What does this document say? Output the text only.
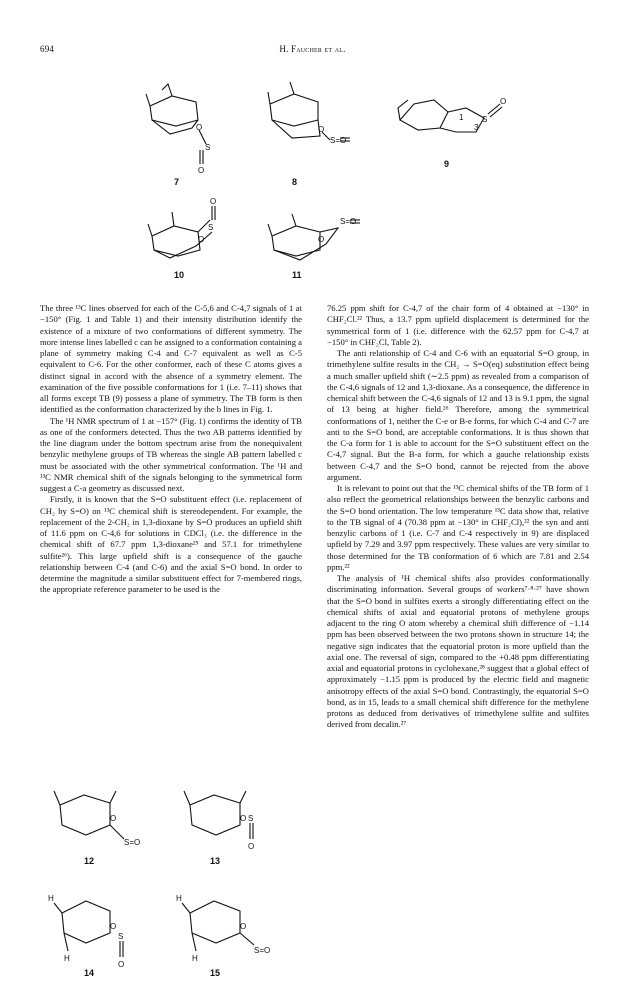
694	H. Faucher et al.
O
S
O
O
S=O
1 S
3
O
O
S
O
O
S=O
7	8
9
10	11

The three ¹³C lines observed for each of the C-5,6 and C-4,7 signals of 1 at −150° (Fig. 1 and Table 1) and their intensity distribution identify the existence of a mixture of two conformations of different symmetry. The more intense lines labelled c can be assigned to a conformation containing a plane of symmetry making C-4 and C-7 equivalent as well as C-5 equivalent to C-6. For the other conformer, each of these C atoms gives a distinct signal in accord with the absence of a symmetry element. The examination of the five possible conformations for 1 (i.e. 7–11) shows that all forms except TB (9) possess a plane of symmetry. The TB form is then identified as the conformation characterized by the b lines in Fig. 1.

The ¹H NMR spectrum of 1 at −157° (Fig. 1) confirms the identity of TB as one of the conformers detected. Thus the two AB patterns identified by the line diagram under the bottom spectrum arise from the nonequivalent benzylic methylene groups of TB whereas the single AB pattern labelled c must be associated with the other symmetrical conformation. The ¹H and ¹³C NMR chemical shift of the signals belonging to the symmetrical form suggest a C-a geometry as discussed next.

Firstly, it is known that the S=O substituent effect (i.e. replacement of CH₂ by S=O) on ¹³C chemical shift is stereodependent. For example, the replacement of the 2-CH₂ in 1,3-dioxane by S=O produces an upfield shift of 11.6 ppm on C-4,6 for solutions in CDCl₃ (i.e. the difference in the chemical shift of 67.7 ppm 1,3-dioxane²⁵ and 57.1 for trimethylene sulfite²⁶). This large upfield shift is a consequence of the gauche relationship between C-4 (and C-6) and the axial S=O bond. In order to determine the magnitude a similar substituent effect for 7-membered rings, the appropriate reference parameter to be used is the

76.25 ppm shift for C-4,7 of the chair form of 4 obtained at −130° in CHF₂Cl.²² Thus, a 13.7 ppm upfield displacement is determined for the symmetrical form of 1 (i.e. difference with the 62.57 ppm for C-4,7 at −150° in CHF₂Cl, Table 2).

The anti relationship of C-4 and C-6 with an equatorial S=O group, in trimethylene sulfite results in the CH₂ → S=O(eq) substitution effect being a much smaller upfield shift (∼2.5 ppm) as revealed from a comparison of the C-4,6 signals of 12 and 1,3-dioxane. As a consequence, the difference in chemical shift between the C-4,6 signals of 12 and 13 is 9.1 ppm, the signal of 13 being at higher field.²⁶ Therefore, among the symmetrical conformations of 1, neither the C-e or B-e forms, for which C-4 and C-7 are anti to the S=O bond, are acceptable conformations. It is thus shown that the C-a form for 1 is able to account for the S=O substituent effect on the C-4,7 signal. But the B-a form, for which a gauche relationship exists between C-4,7 and the S=O bond, cannot be rejected from the above argument.

It is relevant to point out that the ¹³C chemical shifts of the TB form of 1 also reflect the geometrical relationships between the benzylic carbons and the S=O bond orientation. The low temperature ¹³C data show that, relative to the TB signal of 4 (70.38 ppm at −130° in CHF₂Cl),²² the syn and anti benzylic carbons of 1 (i.e. C-7 and C-4 respectively in 9) are displaced upfield by 7.29 and 3.97 ppm respectively. These values are very similar to those determined for the TB conformation of 6 which are 7.81 and 2.54 ppm.²²

The analysis of ¹H chemical shifts also provides conformationally discriminating information. Several groups of workers⁷·⁸·²⁷ have shown that the S=O bond in sulfites exerts a strongly differentiating effect on the chemical shifts of axial and equatorial protons of methylene groups adjacent to the ring O atom whereby a chemical shift difference of −1.14 ppm has been observed between the two protons shown in structure 14; the negative sign indicates that the equatorial proton is more upfield than the axial one. The reversal of sign, compared to the +0.48 ppm differentiating axial and equatorial protons in cyclohexane,²⁸ suggest that a global effect of approximately −1.15 ppm is produced by the electric field and magnetic anisotropy effects of the axial S=O bond. Contrastingly, the equatorial S=O bond, as in 15, leads to a small chemical shift difference for the methylene protons as deduced from derivatives of trimethylene sulfite and sulfites derived from decalin.²⁷

O
S=O
O S
O
H
H
O
S
O
H
H
O
S=O
12	13
14	15
